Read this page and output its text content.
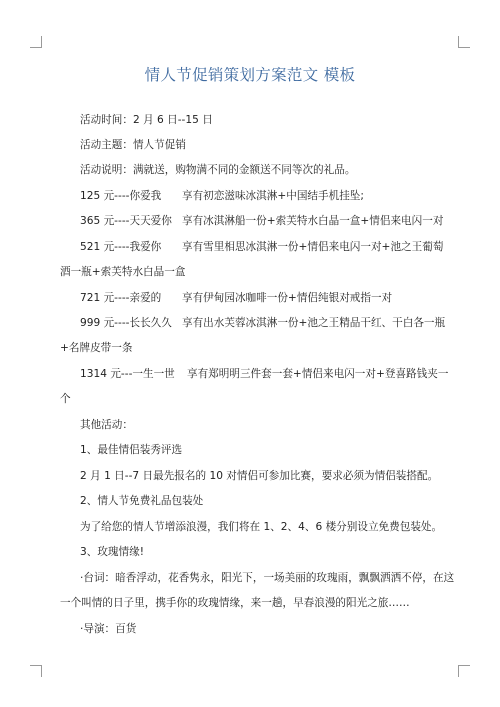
情人节促销策划方案范文 模板
活动时间：2 月 6 日--15 日
活动主题：情人节促销
活动说明：满就送，购物满不同的金额送不同等次的礼品。
125 元----你爱我 享有初恋滋味冰淇淋+中国结手机挂坠;
365 元----天天爱你 享有冰淇淋船一份+索芙特水白晶一盒+情侣来电闪一对
521 元----我爱你 享有雪里相思冰淇淋一份+情侣来电闪一对+池之王葡萄
酒一瓶+索芙特水白晶一盒
721 元----亲爱的 享有伊甸园冰咖啡一份+情侣纯银对戒指一对
999 元----长长久久 享有出水芙蓉冰淇淋一份+池之王精品干红、干白各一瓶
+名牌皮带一条
1314 元---一生一世 享有郑明明三件套一套+情侣来电闪一对+登喜路钱夹一
个
其他活动：
1、最佳情侣装秀评选
2 月 1 日--7 日最先报名的 10 对情侣可参加比赛，要求必须为情侣装搭配。
2、情人节免费礼品包装处
为了给您的情人节增添浪漫，我们将在 1、2、4、6 楼分别设立免费包装处。
3、玫瑰情缘!
·台词：暗香浮动，花香隽永，阳光下，一场美丽的玫瑰雨，飘飘洒洒不停，在这
一个叫情的日子里，携手你的玫瑰情缘，来一趟，早春浪漫的阳光之旅……
·导演：百货
